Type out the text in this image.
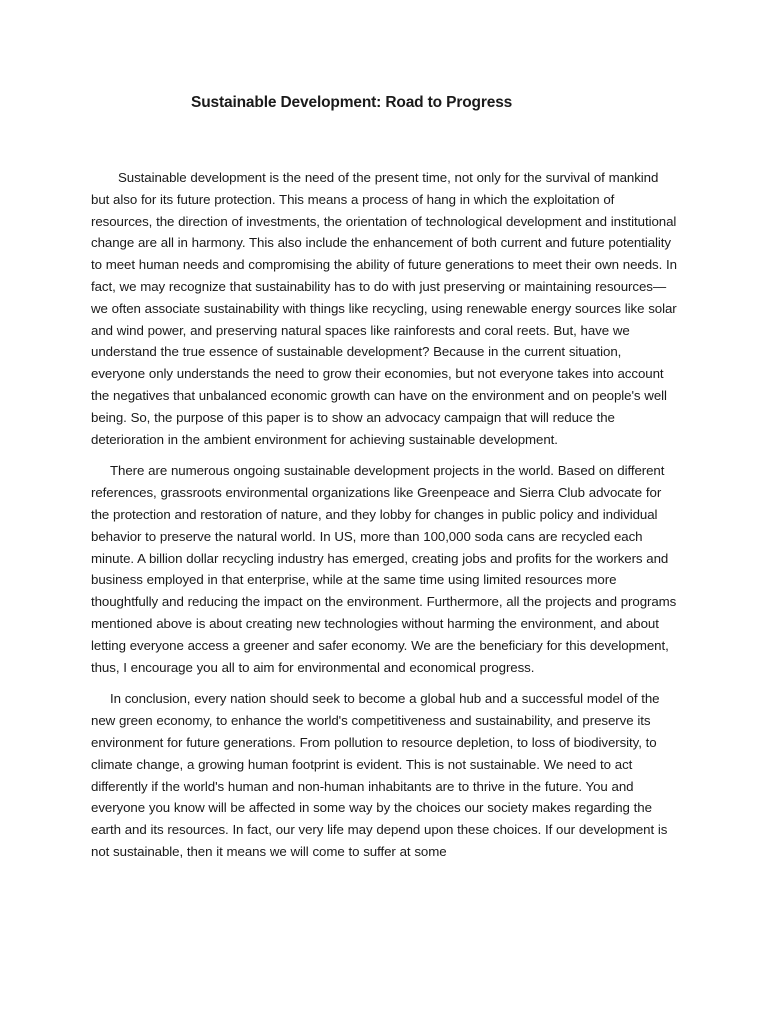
Sustainable Development: Road to Progress

Sustainable development is the need of the present time, not only for the survival of mankind but also for its future protection. This means a process of hang in which the exploitation of resources, the direction of investments, the orientation of technological development and institutional change are all in harmony. This also include the enhancement of both current and future potentiality to meet human needs and compromising the ability of future generations to meet their own needs. In fact, we may recognize that sustainability has to do with just preserving or maintaining resources—we often associate sustainability with things like recycling, using renewable energy sources like solar and wind power, and preserving natural spaces like rainforests and coral reets. But, have we understand the true essence of sustainable development? Because in the current situation, everyone only understands the need to grow their economies, but not everyone takes into account the negatives that unbalanced economic growth can have on the environment and on people's well being. So, the purpose of this paper is to show an advocacy campaign that will reduce the deterioration in the ambient environment for achieving sustainable development.

There are numerous ongoing sustainable development projects in the world. Based on different references, grassroots environmental organizations like Greenpeace and Sierra Club advocate for the protection and restoration of nature, and they lobby for changes in public policy and individual behavior to preserve the natural world. In US, more than 100,000 soda cans are recycled each minute. A billion dollar recycling industry has emerged, creating jobs and profits for the workers and business employed in that enterprise, while at the same time using limited resources more thoughtfully and reducing the impact on the environment. Furthermore, all the projects and programs mentioned above is about creating new technologies without harming the environment, and about letting everyone access a greener and safer economy. We are the beneficiary for this development, thus, I encourage you all to aim for environmental and economical progress.

In conclusion, every nation should seek to become a global hub and a successful model of the new green economy, to enhance the world's competitiveness and sustainability, and preserve its environment for future generations. From pollution to resource depletion, to loss of biodiversity, to climate change, a growing human footprint is evident. This is not sustainable. We need to act differently if the world's human and non-human inhabitants are to thrive in the future. You and everyone you know will be affected in some way by the choices our society makes regarding the earth and its resources. In fact, our very life may depend upon these choices. If our development is not sustainable, then it means we will come to suffer at some
